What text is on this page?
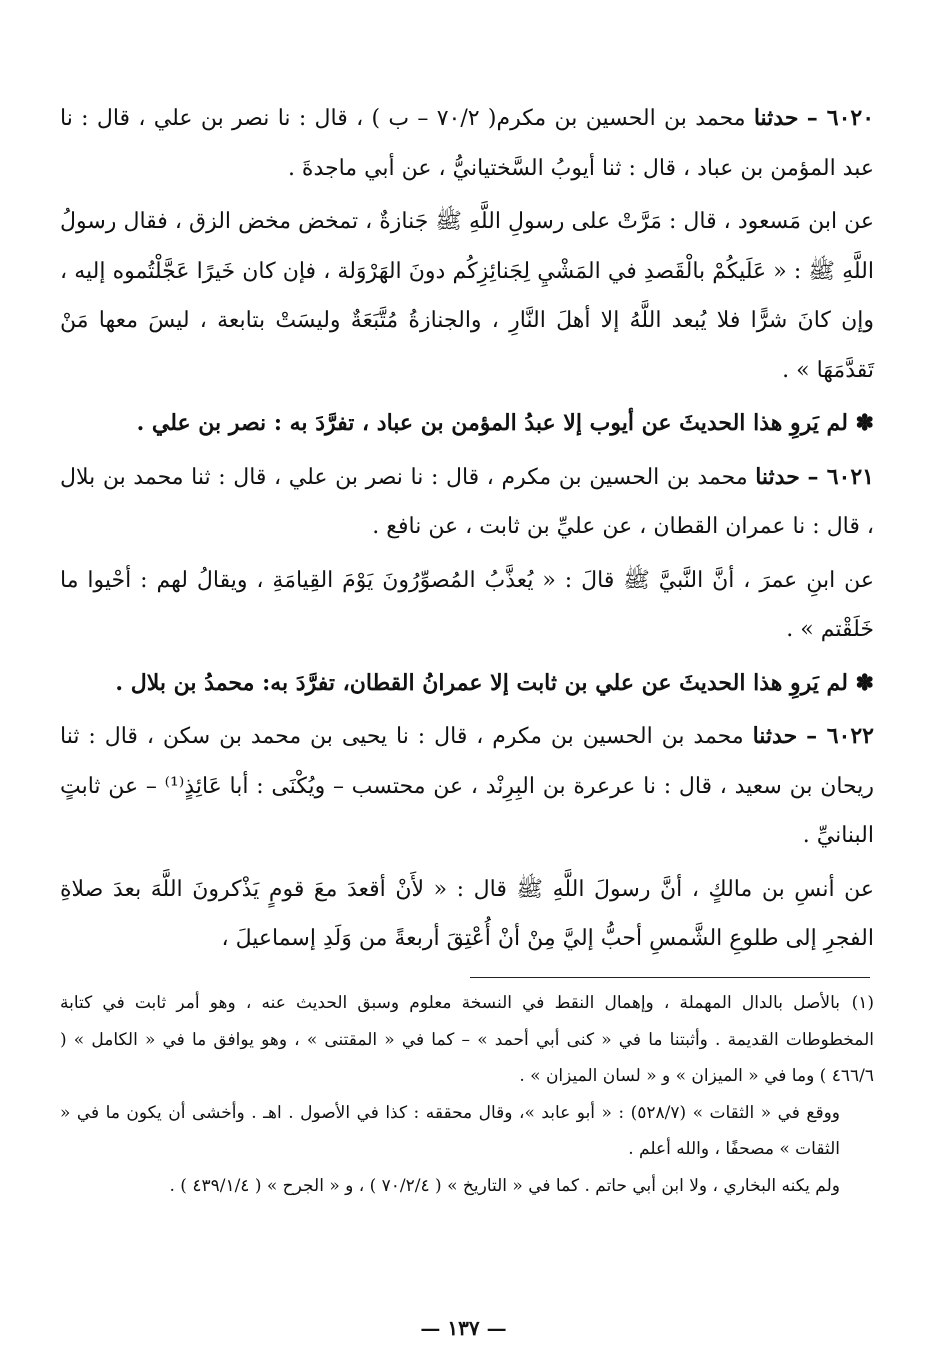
٦٠٢٠ – حدثنا محمد بن الحسين بن مكرم( ٧٠/٢ – ب ) ، قال : نا نصر بن علي ، قال : نا عبد المؤمن بن عباد ، قال : ثنا أيوبُ السَّختيانيُّ ، عن أبي ماجدةَ .

عن ابن مَسعود ، قال : مَرَّتْ على رسولِ اللَّهِ ﷺ جَنازةٌ ، تمخض مخض الزق ، فقال رسولُ اللَّهِ ﷺ : « عَلَيكُمْ بالْقَصدِ في المَشْيِ لِجَنائِزِكُم دونَ الهَرْوَلة ، فإن كان خَيرًا عَجَّلْتُموه إليه ، وإن كانَ شرًّا فلا يُبعد اللَّهُ إلا أهلَ النَّارِ ، والجنازةُ مُتَّبَعَةٌ وليسَتْ بتابعة ، ليسَ معها مَنْ تَقدَّمَهَا » .

✽ لم يَروِ هذا الحديثَ عن أيوب إلا عبدُ المؤمن بن عباد ، تفرَّدَ به : نصر بن علي .

٦٠٢١ – حدثنا محمد بن الحسين بن مكرم ، قال : نا نصر بن علي ، قال : ثنا محمد بن بلال ، قال : نا عمران القطان ، عن عليِّ بن ثابت ، عن نافع .

عن ابنِ عمرَ ، أنَّ النَّبيَّ ﷺ قالَ : « يُعذَّبُ المُصوِّرُونَ يَوْمَ القِيامَةِ ، ويقالُ لهم : أحْيوا ما خَلَقْتم » .

✽ لم يَروِ هذا الحديثَ عن علي بن ثابت إلا عمرانُ القطان، تفرَّدَ به: محمدُ بن بلال .

٦٠٢٢ – حدثنا محمد بن الحسين بن مكرم ، قال : نا يحيى بن محمد بن سكن ، قال : ثنا ريحان بن سعيد ، قال : نا عرعرة بن البِرِنْد ، عن محتسب – ويُكْنَى : أبا عَائِذٍ⁽¹⁾ – عن ثابتٍ البنانيِّ .

عن أنسِ بن مالكٍ ، أنَّ رسولَ اللَّهِ ﷺ قال : « لأَنْ أقعدَ معَ قومٍ يَذْكرونَ اللَّهَ بعدَ صلاةِ الفجرِ إلى طلوعِ الشَّمسِ أحبُّ إليَّ مِنْ أنْ أُعْتِقَ أربعةً من وَلَدِ إسماعيلَ ،

(١)بالأصل بالدال المهملة ، وإهمال النقط في النسخة معلوم وسبق الحديث عنه ، وهو أمر ثابت في كتابة المخطوطات القديمة . وأثبتنا ما في « كنى أبي أحمد » – كما في « المقتنى » ، وهو يوافق ما في « الكامل » ( ٤٦٦/٦ ) وما في « الميزان » و « لسان الميزان » .

ووقع في « الثقات » (٥٢٨/٧) : « أبو عابد »، وقال محققه : كذا في الأصول . اهـ . وأخشى أن يكون ما في « الثقات » مصحفًا ، والله أعلم .

ولم يكنه البخاري ، ولا ابن أبي حاتم . كما في « التاريخ » ( ٧٠/٢/٤ ) ، و « الجرح » ( ٤٣٩/١/٤ ) .

— ١٣٧ —
